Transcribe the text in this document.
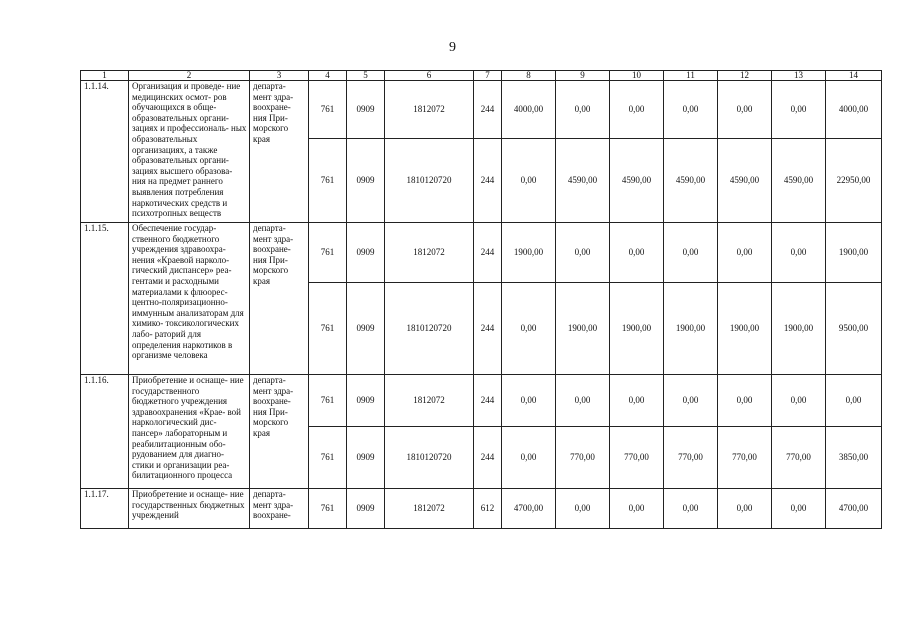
9
1	2	3	4	5	6	7	8	9	10	11	12	13	14
1.1.14.	Организация и проведе- ние медицинских осмот- ров обучающихся в обще- образовательных органи- зациях и профессиональ- ных образовательных организациях, а также образовательных органи- зациях высшего образова- ния на предмет раннего выявления потребления наркотических средств и психотропных веществ	департа- мент здра- воохране- ния При- морского края	761	0909	1812072	244	4000,00	0,00	0,00	0,00	0,00	0,00	4000,00
			761	0909	1810120720	244	0,00	4590,00	4590,00	4590,00	4590,00	4590,00	22950,00
1.1.15.	Обеспечение государ- ственного бюджетного учреждения здравоохра- нения «Краевой нарколо- гический диспансер» реа- гентами и расходными материалами к флюорес- центно-поляризационно- иммунным анализаторам для химико- токсикологических лабо- раторий для определения наркотиков в организме человека	департа- мент здра- воохране- ния При- морского края	761	0909	1812072	244	1900,00	0,00	0,00	0,00	0,00	0,00	1900,00
			761	0909	1810120720	244	0,00	1900,00	1900,00	1900,00	1900,00	1900,00	9500,00
1.1.16.	Приобретение и оснаще- ние государственного бюджетного учреждения здравоохранения «Крае- вой наркологический дис- пансер» лабораторным и реабилитационным обо- рудованием для диагно- стики и организации реа- билитационного процесса	департа- мент здра- воохране- ния При- морского края	761	0909	1812072	244	0,00	0,00	0,00	0,00	0,00	0,00	0,00
			761	0909	1810120720	244	0,00	770,00	770,00	770,00	770,00	770,00	3850,00
1.1.17.	Приобретение и оснаще- ние государственных бюджетных учреждений	департа- мент здра- воохране-	761	0909	1812072	612	4700,00	0,00	0,00	0,00	0,00	0,00	4700,00
